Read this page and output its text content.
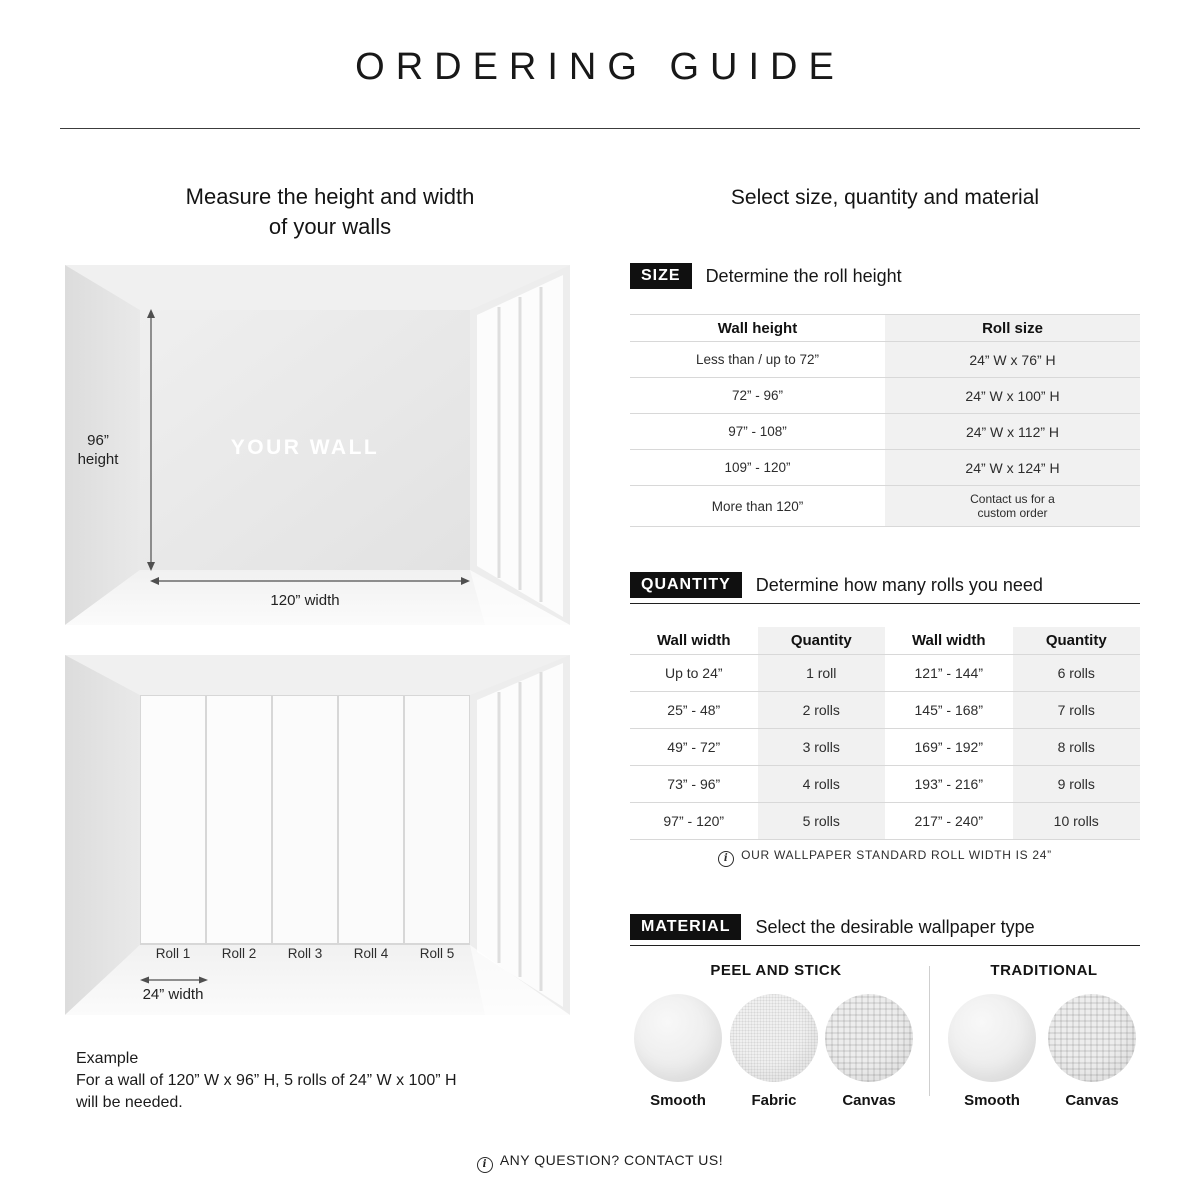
ORDERING GUIDE
Measure the height and width
of your walls
96”
height
YOUR WALL
120” width
Roll 1	Roll 2	Roll 3	Roll 4	Roll 5
24” width
Example
For a wall of 120” W x 96” H, 5 rolls of 24” W x 100” H
will be needed.
Select size, quantity and material
SIZE	Determine the roll height
Wall height	Roll size
Less than / up to 72”	24” W x 76” H
72” - 96”	24” W x 100” H
97” - 108”	24” W x 112” H
109” - 120”	24” W x 124” H
More than 120”	Contact us for a custom order
QUANTITY	Determine how many rolls you need
Wall width	Quantity	Wall width	Quantity
Up to 24”	1 roll	121” - 144”	6 rolls
25” - 48”	2 rolls	145” - 168”	7 rolls
49” - 72”	3 rolls	169” - 192”	8 rolls
73” - 96”	4 rolls	193” - 216”	9 rolls
97” - 120”	5 rolls	217” - 240”	10 rolls
i OUR WALLPAPER STANDARD ROLL WIDTH IS 24”
MATERIAL	Select the desirable wallpaper type
PEEL AND STICK	TRADITIONAL
Smooth	Fabric	Canvas	Smooth	Canvas
i ANY QUESTION? CONTACT US!
